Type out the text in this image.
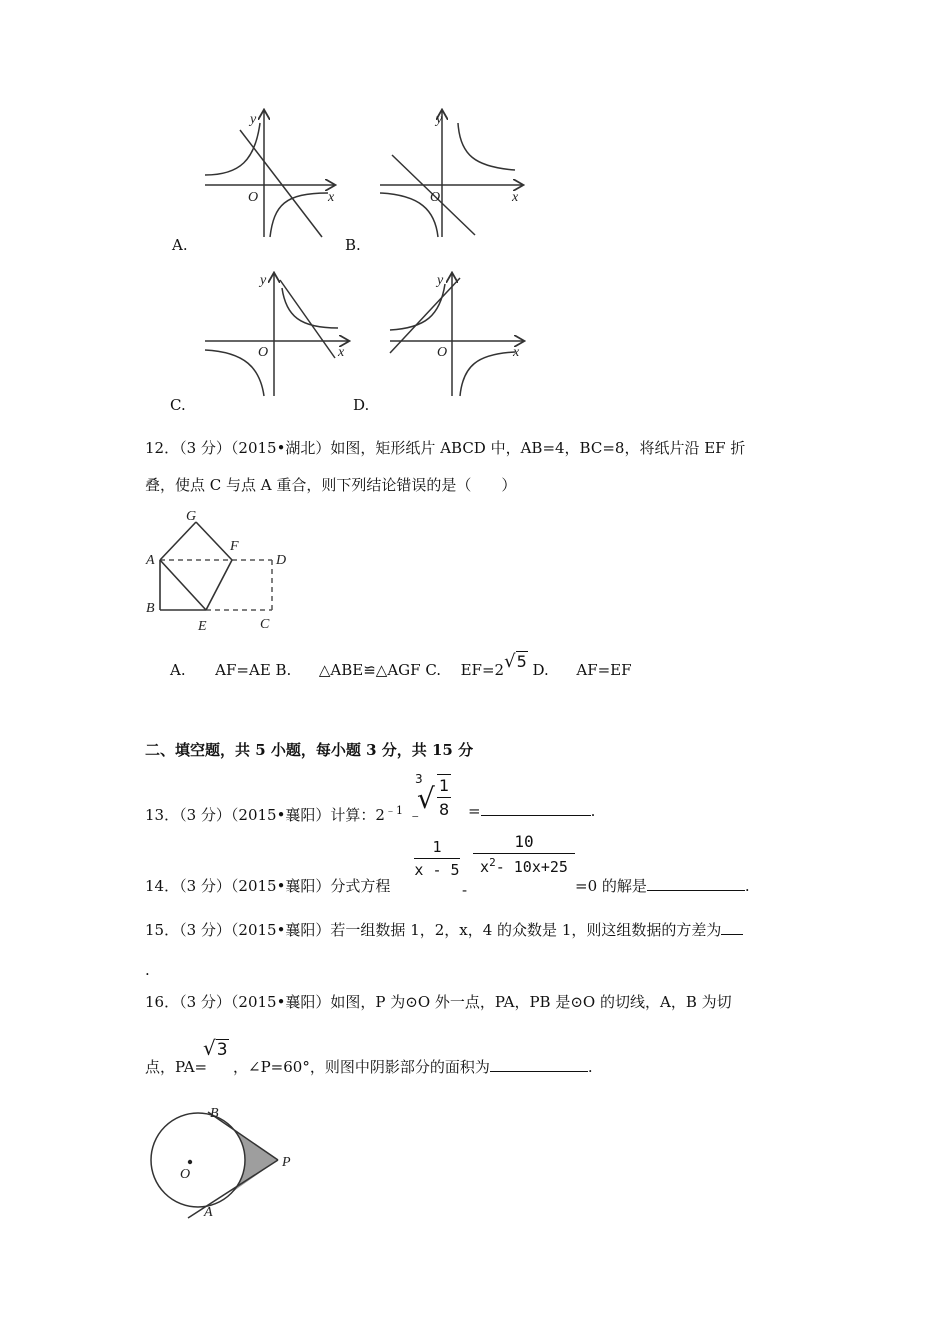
y
O	x
A.
y
O	x
B.
y
O	x
C.
y
O	x
D.
12．（3 分）（2015•湖北）如图，矩形纸片 ABCD 中，AB=4，BC=8，将纸片沿 EF 折
叠，使点 C 与点 A 重合，则下列结论错误的是（　　）
G
F
D
A
B
E	C
A. AF=AE B. △ABE≌△AGF C. EF=2√5 D. AF=EF
二、填空题，共 5 小题，每小题 3 分，共 15 分
13．（3 分）（2015•襄阳）计算：$2^{﹣1}$ ﹣
3
√ $\frac{1}{8}$ =	.
14．（3 分）（2015•襄阳）分式方程
$\frac{1}{x - 5}$
-
$\frac{10}{x^2- 10x+25}$
=0 的解是	.
15．（3 分）（2015•襄阳）若一组数据 1，2，x，4 的众数是 1，则这组数据的方差为
.
16．（3 分）（2015•襄阳）如图，P 为⊙O 外一点，PA，PB 是⊙O 的切线，A，B 为切
点，PA=
√3
，∠P=60°，则图中阴影部分的面积为	.
B
P
O
A
